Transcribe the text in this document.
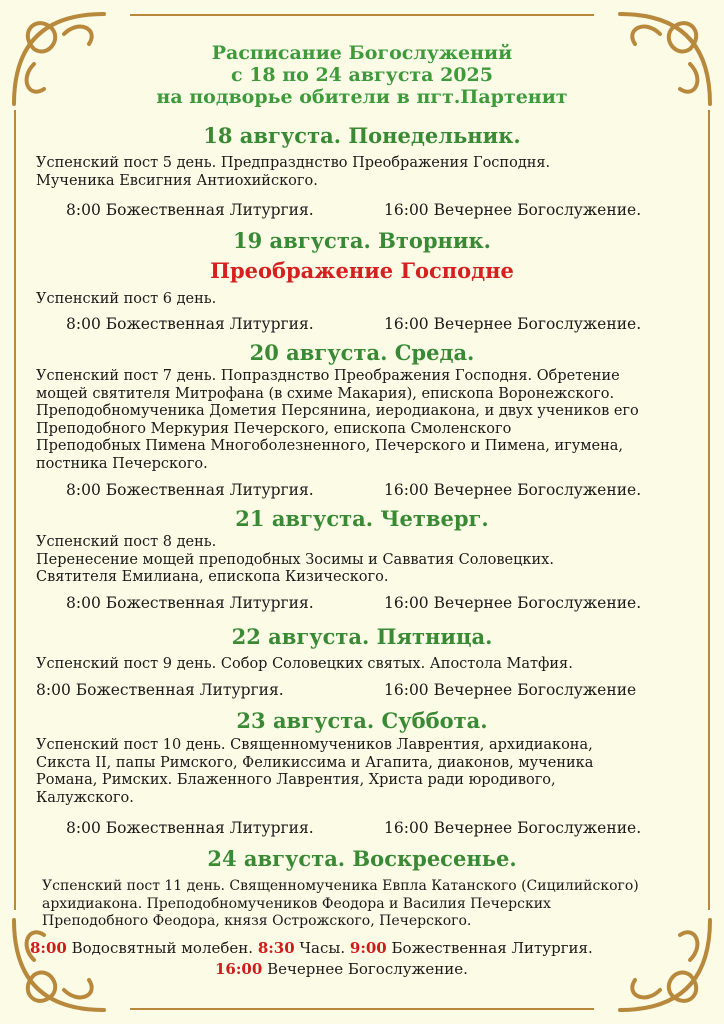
Расписание Богослужений
с 18 по 24 августа 2025
на подворье обители в пгт.Партенит
18 августа. Понедельник.
Успенский пост 5 день. Предпразднство Преображения Господня.
Мученика Евсигния Антиохийского.
8:00 Божественная Литургия.	16:00 Вечернее Богослужение.
19 августа. Вторник.
Преображение Господне
Успенский пост 6 день.
8:00 Божественная Литургия.	16:00 Вечернее Богослужение.
20 августа. Среда.
Успенский пост 7 день. Попразднство Преображения Господня. Обретение
мощей святителя Митрофана (в схиме Макария), епископа Воронежского.
Преподобномученика Дометия Персянина, иеродиакона, и двух учеников его
Преподобного Меркурия Печерского, епископа Смоленского
Преподобных Пимена Многоболезненного, Печерского и Пимена, игумена,
постника Печерского.
8:00 Божественная Литургия.	16:00 Вечернее Богослужение.
21 августа. Четверг.
Успенский пост 8 день.
Перенесение мощей преподобных Зосимы и Савватия Соловецких.
Святителя Емилиана, епископа Кизического.
8:00 Божественная Литургия.	16:00 Вечернее Богослужение.
22 августа. Пятница.
Успенский пост 9 день. Собор Соловецких святых. Апостола Матфия.
8:00 Божественная Литургия.	16:00 Вечернее Богослужение
23 августа. Суббота.
Успенский пост 10 день. Священномучеников Лаврентия, архидиакона,
Сикста II, папы Римского, Феликиссима и Агапита, диаконов, мученика
Романа, Римских. Блаженного Лаврентия, Христа ради юродивого,
Калужского.
8:00 Божественная Литургия.	16:00 Вечернее Богослужение.
24 августа. Воскресенье.
Успенский пост 11 день. Священномученика Евпла Катанского (Сицилийского)
архидиакона. Преподобномучеников Феодора и Василия Печерских
Преподобного Феодора, князя Острожского, Печерского.
8:00 Водосвятный молебен. 8:30 Часы. 9:00 Божественная Литургия.
16:00 Вечернее Богослужение.
